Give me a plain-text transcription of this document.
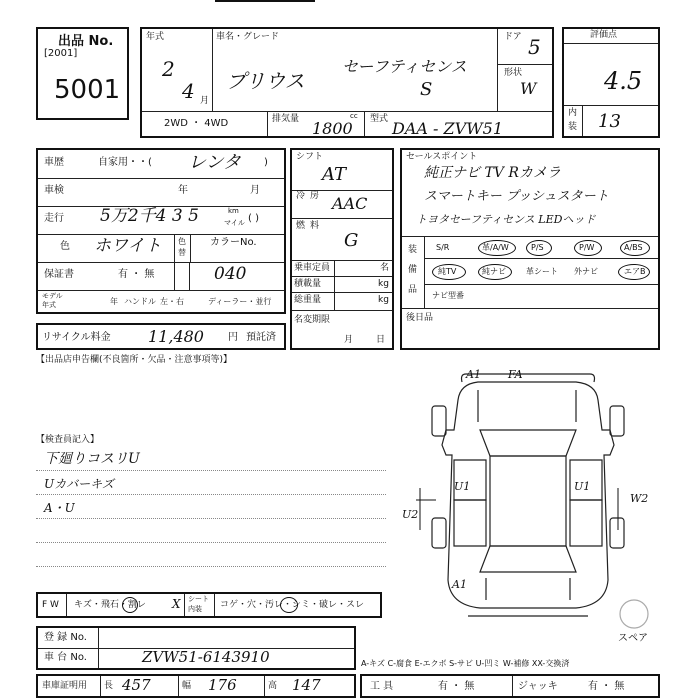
出品 No.
[2001]
5001
年式
2
4 月
車名・グレード
プリウス
セーフティセンス
S
ドア 5
形状
W
2WD ・ 4WD	排気量	cc
1800 型式 DAA - ZVW51
評価点
4.5
内
装 13
車歴	自家用・・( レンタ )
車検	年	月
走行 5万2千4 3 5	km
マイル ( )
色 ホワイト 色
替
カラーNo.
保証書	有 ・ 無	040
モデル
年式	年 ハンドル 左・右	ディーラー・並行
リサイクル料金 11,480 円 預託済
シフト
AT
冷 房 AAC
燃 料
G
乗車定員	名
積載量	kg
総重量	kg
名変期限
月	日
セールスポイント
純正ナビ TV Rカメラ
スマートキー プッシュスタート
トヨタセーフティセンス LEDヘッド
装
備
品
S/R	革/A/W	P/S	P/W	A/BS
純TV	純ナビ	革シート 外ナビ	エアB
ナビ型番
後日品
【出品店申告欄(不良箇所・欠品・注意事項等)】
【検査員記入】
下廻りコスリU
Uカバーキズ
A・U
A1 FA
U1	U1
U2
W2
A1
スペア
F W キズ・飛石・割レ X シート
内装 コゲ・穴・汚レ・シミ・破レ・スレ
登 録 No.
車 台 No.	ZVW51-6143910	A-キズ C-腐食 E-エクボ S-サビ U-凹ミ W-補修 XX-交換済
車庫証明用 長 457	幅 176	高 147	工 具	有 ・ 無	ジャッキ	有 ・ 無
